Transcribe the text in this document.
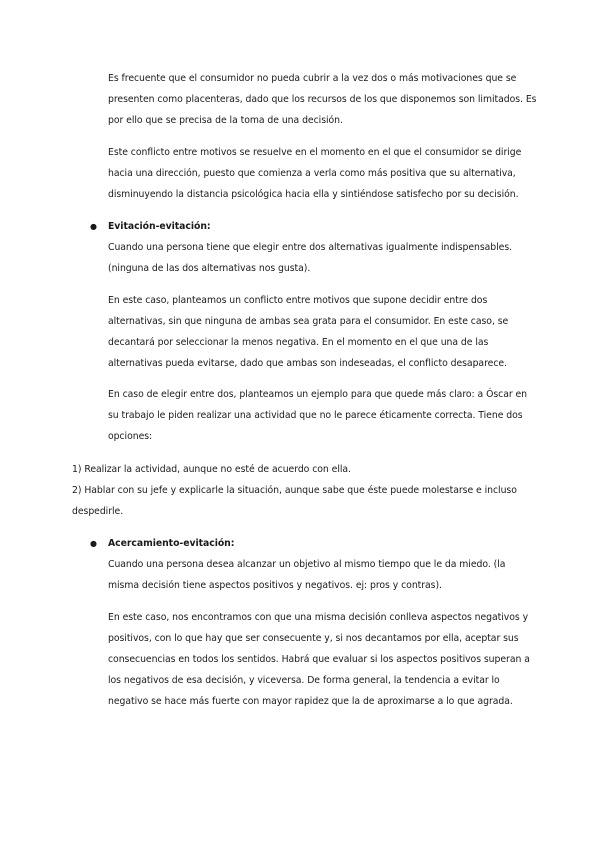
Es frecuente que el consumidor no pueda cubrir a la vez dos o más motivaciones que se presenten como placenteras, dado que los recursos de los que disponemos son limitados. Es por ello que se precisa de la toma de una decisión.

Este conflicto entre motivos se resuelve en el momento en el que el consumidor se dirige hacia una dirección, puesto que comienza a verla como más positiva que su alternativa, disminuyendo la distancia psicológica hacia ella y sintiéndose satisfecho por su decisión.

● Evitación-evitación:

Cuando una persona tiene que elegir entre dos alternativas igualmente indispensables. (ninguna de las dos alternativas nos gusta).

En este caso, planteamos un conflicto entre motivos que supone decidir entre dos alternativas, sin que ninguna de ambas sea grata para el consumidor. En este caso, se decantará por seleccionar la menos negativa. En el momento en el que una de las alternativas pueda evitarse, dado que ambas son indeseadas, el conflicto desaparece.

En caso de elegir entre dos, planteamos un ejemplo para que quede más claro: a Óscar en su trabajo le piden realizar una actividad que no le parece éticamente correcta. Tiene dos opciones:

1) Realizar la actividad, aunque no esté de acuerdo con ella.

2) Hablar con su jefe y explicarle la situación, aunque sabe que éste puede molestarse e incluso despedirle.

● Acercamiento-evitación:

Cuando una persona desea alcanzar un objetivo al mismo tiempo que le da miedo. (la misma decisión tiene aspectos positivos y negativos. ej: pros y contras).

En este caso, nos encontramos con que una misma decisión conlleva aspectos negativos y positivos, con lo que hay que ser consecuente y, si nos decantamos por ella, aceptar sus consecuencias en todos los sentidos. Habrá que evaluar si los aspectos positivos superan a los negativos de esa decisión, y viceversa. De forma general, la tendencia a evitar lo negativo se hace más fuerte con mayor rapidez que la de aproximarse a lo que agrada.
